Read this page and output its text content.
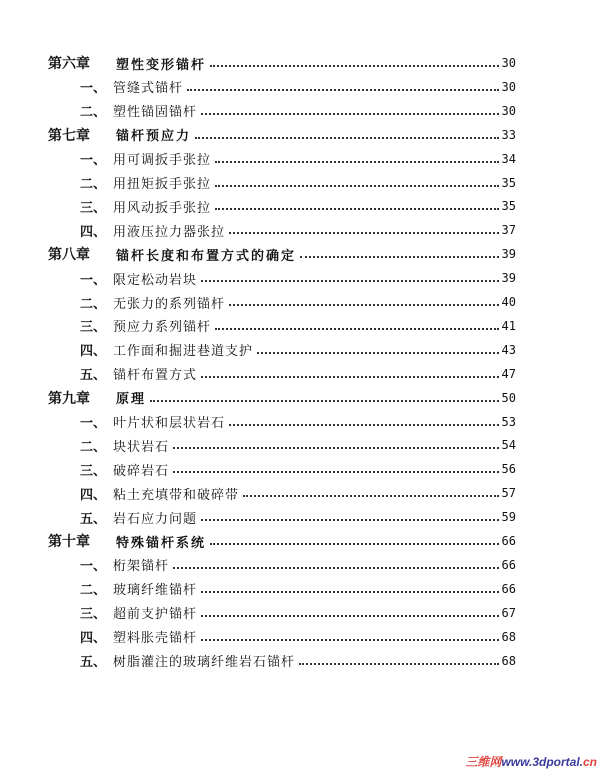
第六章 塑性变形锚杆	30
一、 管缝式锚杆	30
二、 塑性锚固锚杆	30
第七章 锚杆预应力	33
一、 用可调扳手张拉	34
二、 用扭矩扳手张拉	35
三、 用风动扳手张拉	35
四、 用液压拉力器张拉	37
第八章 锚杆长度和布置方式的确定	39
一、 限定松动岩块	39
二、 无张力的系列锚杆	40
三、 预应力系列锚杆	41
四、 工作面和掘进巷道支护	43
五、 锚杆布置方式	47
第九章 原理	50
一、 叶片状和层状岩石	53
二、 块状岩石	54
三、 破碎岩石	56
四、 粘土充填带和破碎带	57
五、 岩石应力问题	59
第十章 特殊锚杆系统	66
一、 桁架锚杆	66
二、 玻璃纤维锚杆	66
三、 超前支护锚杆	67
四、 塑料胀壳锚杆	68
五、 树脂灌注的玻璃纤维岩石锚杆	68
三维网www.3dportal.cn
